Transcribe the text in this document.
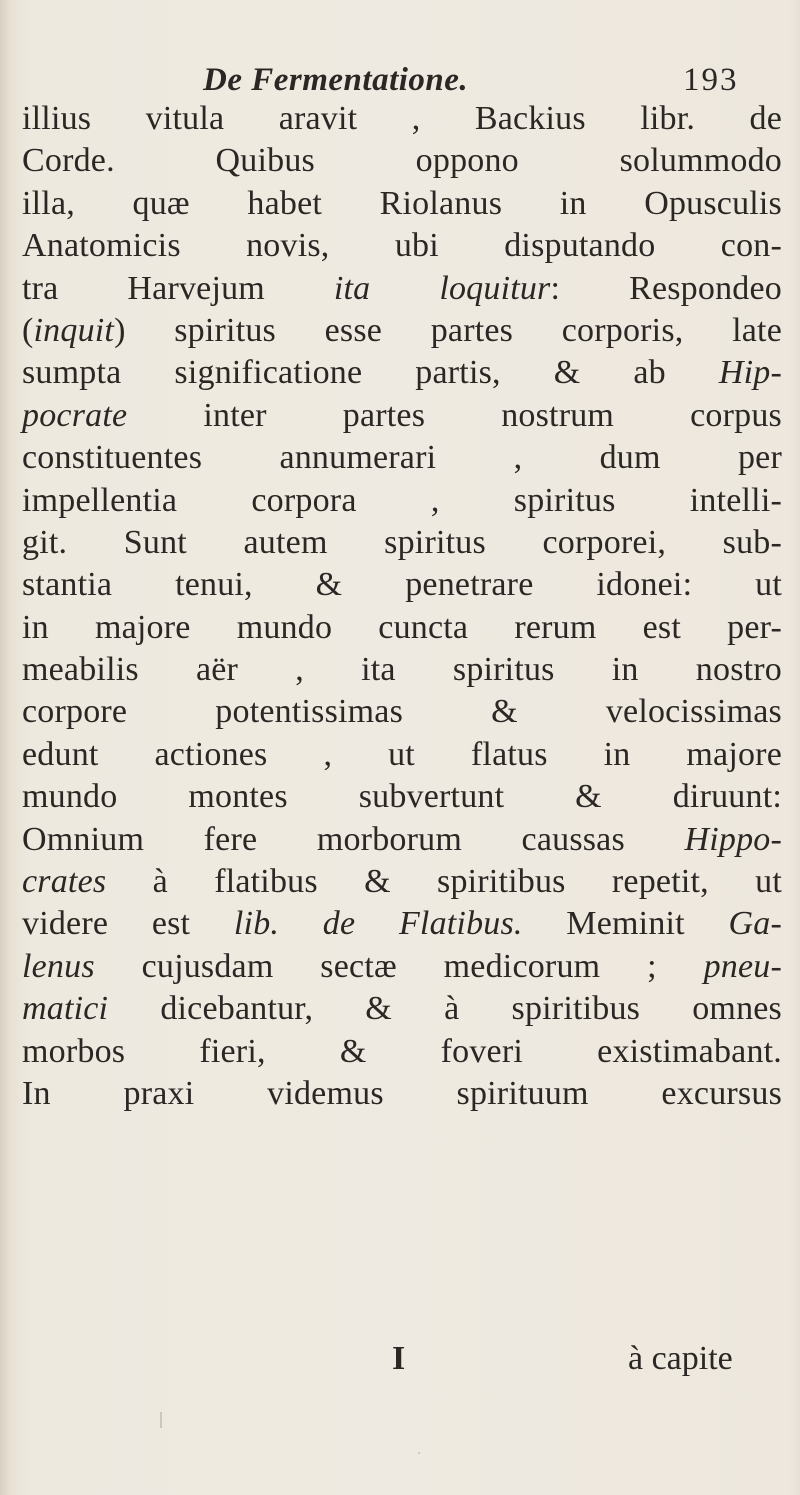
De Fermentatione.	193
illius vitula aravit , Backius libr. de
Corde. Quibus oppono solummodo
illa, quæ habet Riolanus in Opusculis
Anatomicis novis, ubi disputando con-
tra Harvejum ita loquitur: Respondeo
(inquit) spiritus esse partes corporis, late
sumpta significatione partis, & ab Hip-
pocrate inter partes nostrum corpus
constituentes annumerari , dum per
impellentia corpora , spiritus intelli-
git. Sunt autem spiritus corporei, sub-
stantia tenui, & penetrare idonei: ut
in majore mundo cuncta rerum est per-
meabilis aër , ita spiritus in nostro
corpore potentissimas & velocissimas
edunt actiones , ut flatus in majore
mundo montes subvertunt & diruunt:
Omnium fere morborum caussas Hippo-
crates à flatibus & spiritibus repetit, ut
videre est lib. de Flatibus. Meminit Ga-
lenus cujusdam sectæ medicorum ; pneu-
matici dicebantur, & à spiritibus omnes
morbos fieri, & foveri existimabant.
In praxi videmus spirituum excursus
I	à capite
